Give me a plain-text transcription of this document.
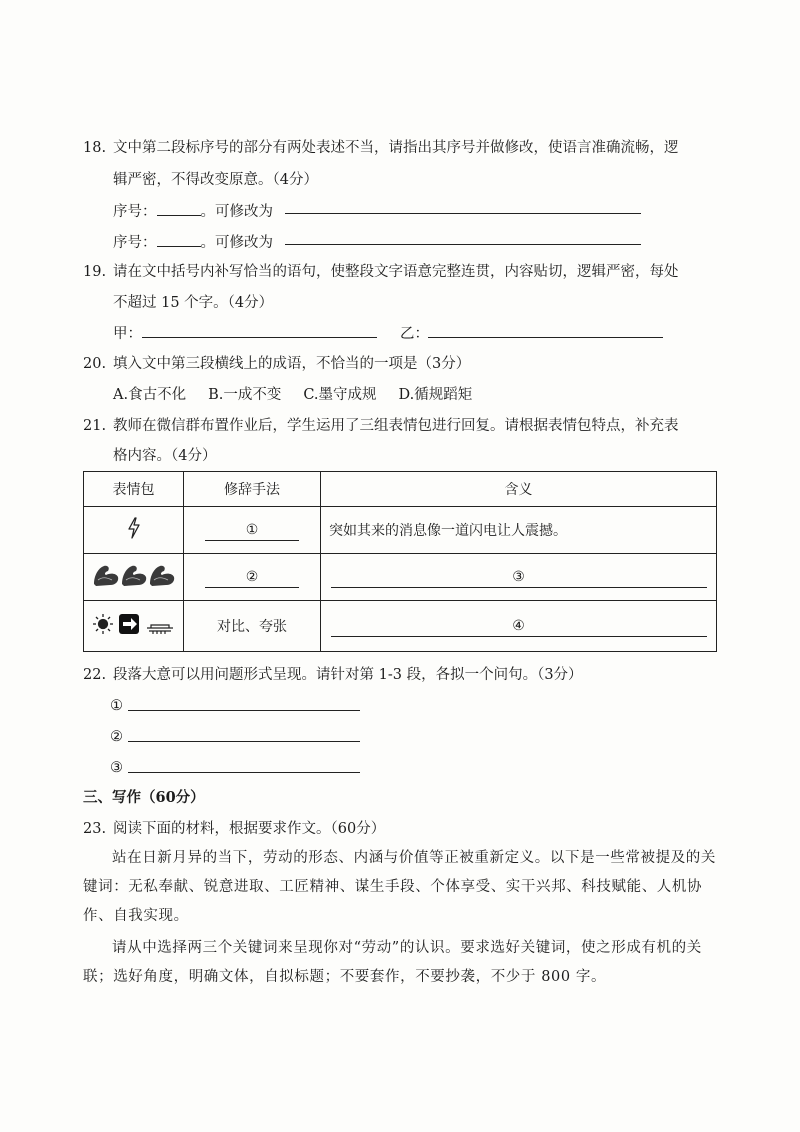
18. 文中第二段标序号的部分有两处表述不当，请指出其序号并做修改，使语言准确流畅，逻
辑严密，不得改变原意。（4分）
序号：	。可修改为
序号：	。可修改为
19. 请在文中括号内补写恰当的语句，使整段文字语意完整连贯，内容贴切，逻辑严密，每处
不超过 15 个字。（4分）
甲：	乙：
20. 填入文中第三段横线上的成语，不恰当的一项是（3分）
A.食古不化 B.一成不变 C.墨守成规 D.循规蹈矩
21. 教师在微信群布置作业后，学生运用了三组表情包进行回复。请根据表情包特点，补充表
格内容。（4分）
表情包	修辞手法	含义
	①	突如其来的消息像一道闪电让人震撼。
	②	③
	对比、夸张	④
22. 段落大意可以用问题形式呈现。请针对第 1-3 段，各拟一个问句。（3分）
①
②
③
三、写作（60分）
23. 阅读下面的材料，根据要求作文。（60分）
站在日新月异的当下，劳动的形态、内涵与价值等正被重新定义。以下是一些常被提及的关键词：无私奉献、锐意进取、工匠精神、谋生手段、个体享受、实干兴邦、科技赋能、人机协作、自我实现。
请从中选择两三个关键词来呈现你对“劳动”的认识。要求选好关键词，使之形成有机的关联；选好角度，明确文体，自拟标题；不要套作，不要抄袭，不少于 800 字。
